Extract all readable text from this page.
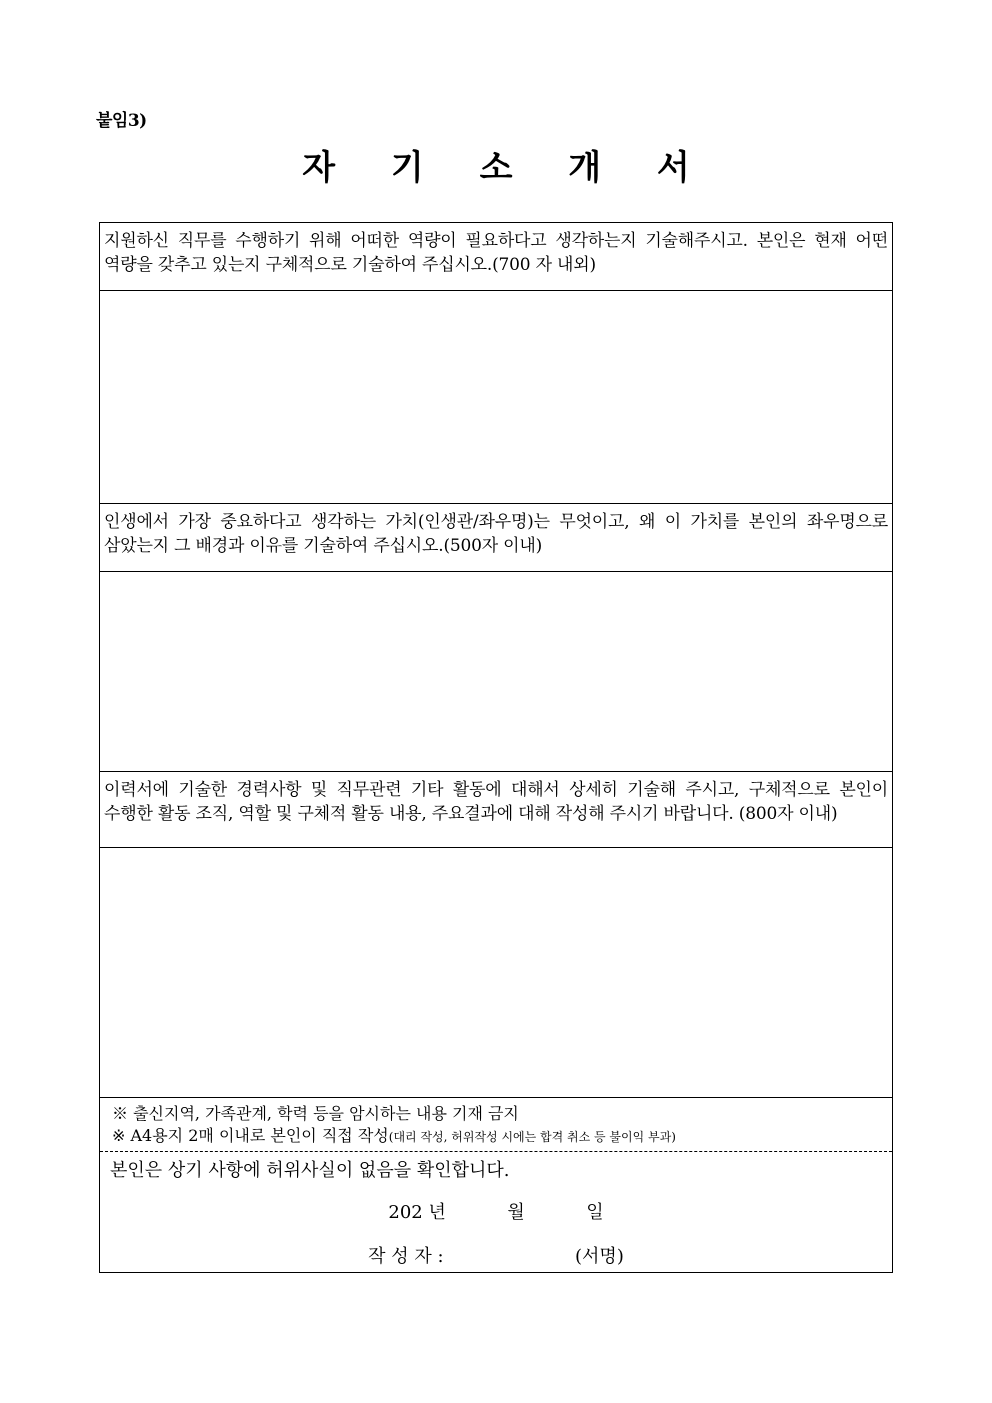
붙임3)
자 기 소 개 서
지원하신 직무를 수행하기 위해 어떠한 역량이 필요하다고 생각하는지 기술해주시고. 본인은 현재 어떤 역량을 갖추고 있는지 구체적으로 기술하여 주십시오.(700 자 내외)
인생에서 가장 중요하다고 생각하는 가치(인생관/좌우명)는 무엇이고, 왜 이 가치를 본인의 좌우명으로 삼았는지 그 배경과 이유를 기술하여 주십시오.(500자 이내)
이력서에 기술한 경력사항 및 직무관련 기타 활동에 대해서 상세히 기술해 주시고, 구체적으로 본인이 수행한 활동 조직, 역할 및 구체적 활동 내용, 주요결과에 대해 작성해 주시기 바랍니다. (800자 이내)
※ 출신지역, 가족관계, 학력 등을 암시하는 내용 기재 금지
※ A4용지 2매 이내로 본인이 직접 작성(대리 작성, 허위작성 시에는 합격 취소 등 불이익 부과)
본인은 상기 사항에 허위사실이 없음을 확인합니다.
202 년	월	일
작 성 자 :	(서명)
